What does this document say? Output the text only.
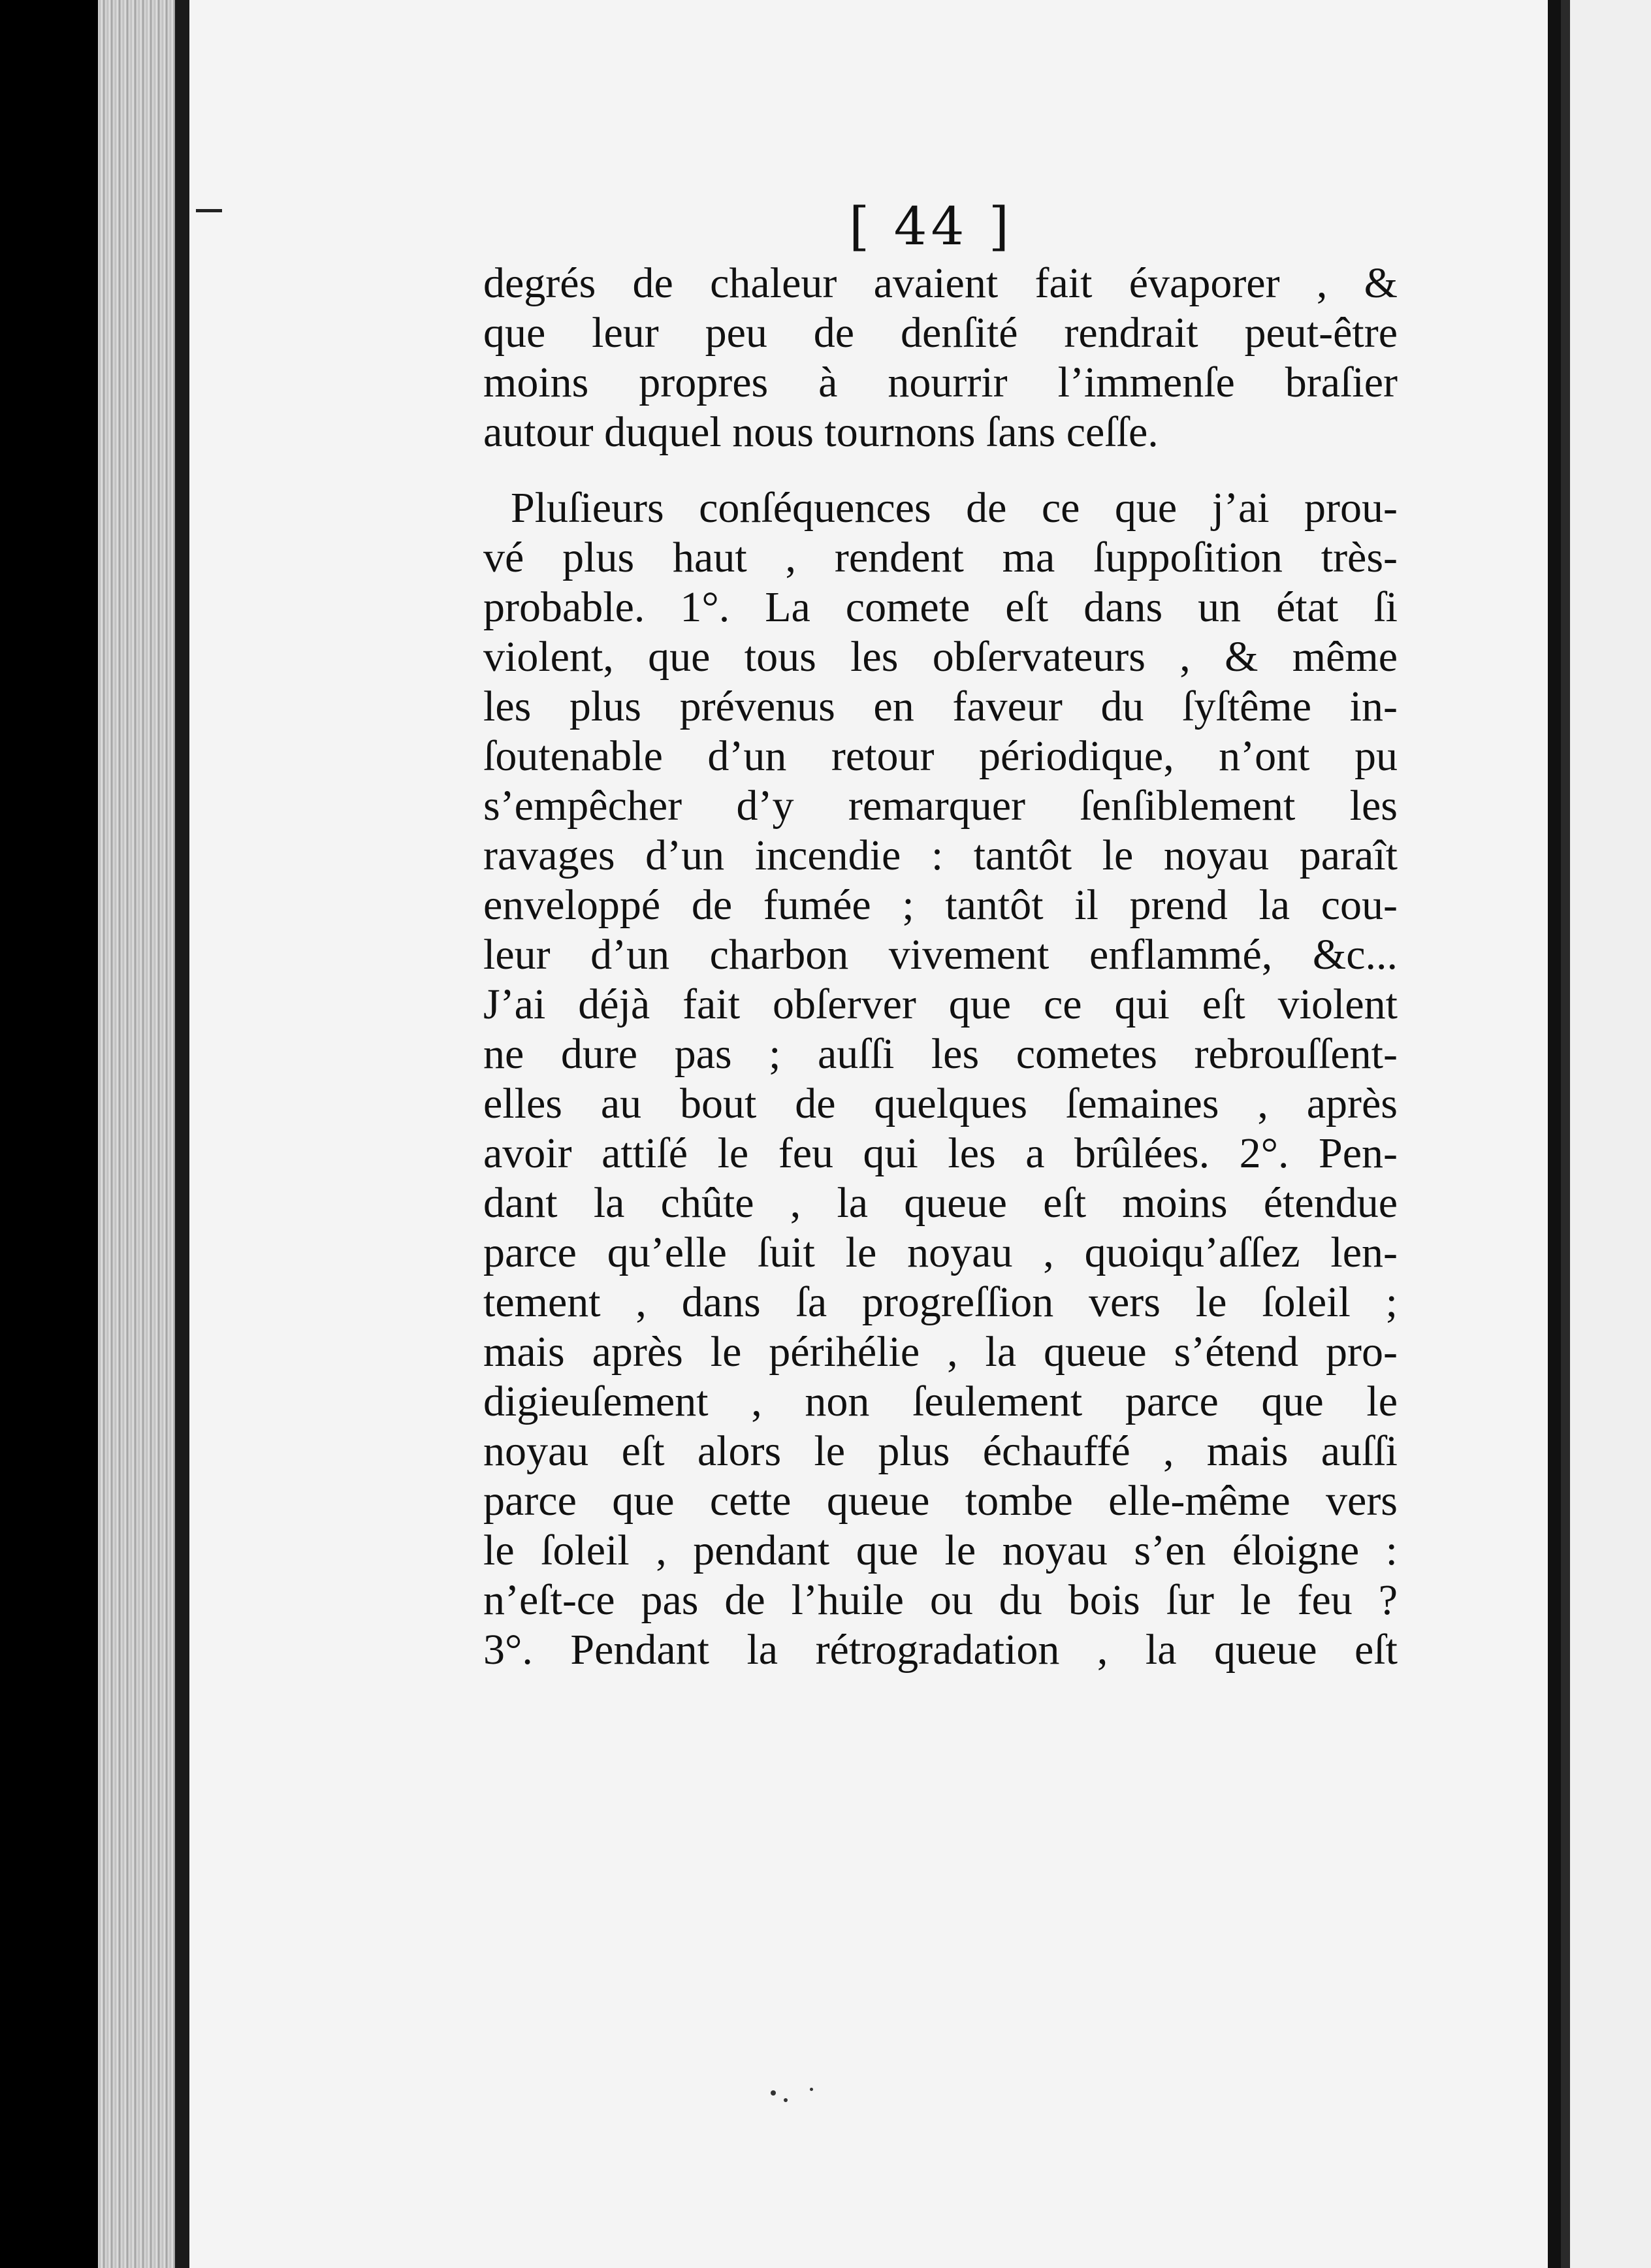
[ 44 ]
degrés de chaleur avaient fait évaporer , &
que leur peu de denſité rendrait peut-être
moins propres à nourrir l’immenſe braſier
autour duquel nous tournons ſans ceſſe.
Pluſieurs conſéquences de ce que j’ai prou-
vé plus haut , rendent ma ſuppoſition très-
probable. 1°. La comete eſt dans un état ſi
violent, que tous les obſervateurs , & même
les plus prévenus en faveur du ſyſtême in-
ſoutenable d’un retour périodique, n’ont pu
s’empêcher d’y remarquer ſenſiblement les
ravages d’un incendie : tantôt le noyau paraît
enveloppé de fumée ; tantôt il prend la cou-
leur d’un charbon vivement enflammé, &c...
J’ai déjà fait obſerver que ce qui eſt violent
ne dure pas ; auſſi les cometes rebrouſſent-
elles au bout de quelques ſemaines , après
avoir attiſé le feu qui les a brûlées. 2°. Pen-
dant la chûte , la queue eſt moins étendue
parce qu’elle ſuit le noyau , quoiqu’aſſez len-
tement , dans ſa progreſſion vers le ſoleil ;
mais après le périhélie , la queue s’étend pro-
digieuſement , non ſeulement parce que le
noyau eſt alors le plus échauffé , mais auſſi
parce que cette queue tombe elle-même vers
le ſoleil , pendant que le noyau s’en éloigne :
n’eſt-ce pas de l’huile ou du bois ſur le feu ?
3°. Pendant la rétrogradation , la queue eſt
